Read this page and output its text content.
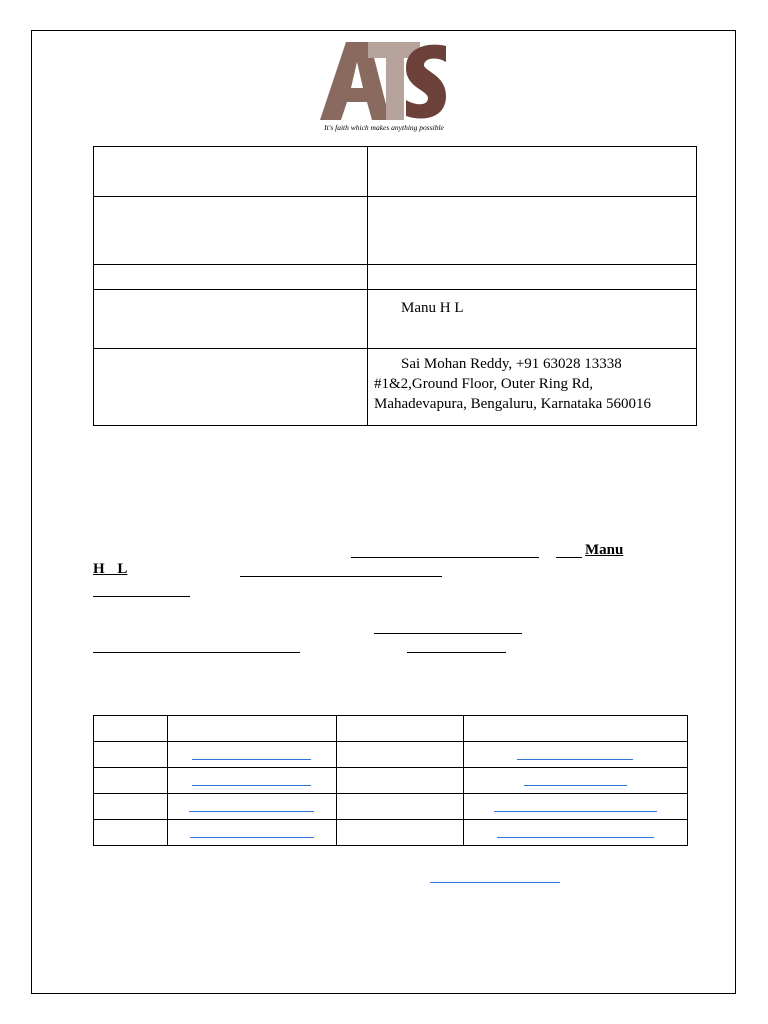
It's faith which makes anything possible

	Manu H L

	Sai Mohan Reddy, +91 63028 13338
#1&2,Ground Floor, Outer Ring Rd,
Mahadevapura, Bengaluru, Karnataka 560016
Manu
H L
